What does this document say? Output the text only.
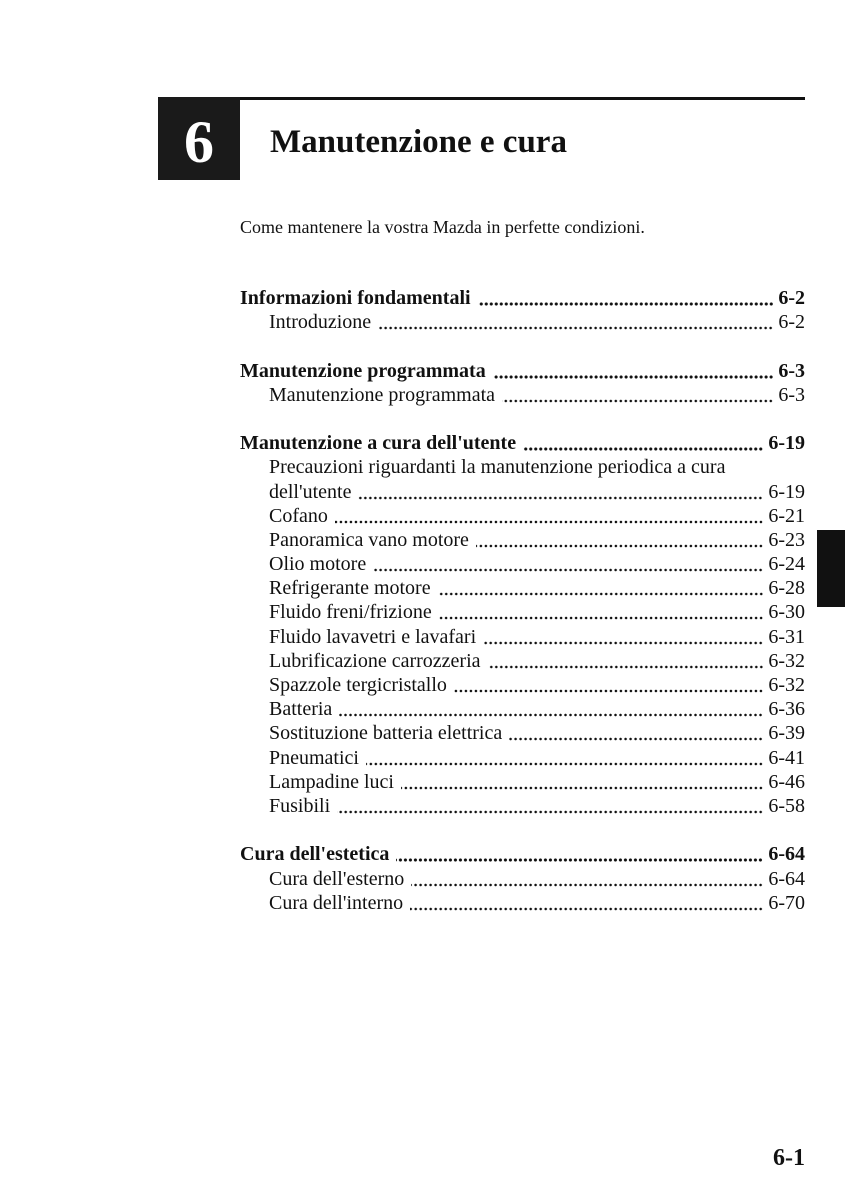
6 Manutenzione e cura
Come mantenere la vostra Mazda in perfette condizioni.
Informazioni fondamentali	6-2
Introduzione	6-2
Manutenzione programmata	6-3
Manutenzione programmata	6-3
Manutenzione a cura dell'utente	6-19
Precauzioni riguardanti la manutenzione periodica a cura
dell'utente	6-19
Cofano	6-21
Panoramica vano motore	6-23
Olio motore	6-24
Refrigerante motore	6-28
Fluido freni/frizione	6-30
Fluido lavavetri e lavafari	6-31
Lubrificazione carrozzeria	6-32
Spazzole tergicristallo	6-32
Batteria	6-36
Sostituzione batteria elettrica	6-39
Pneumatici	6-41
Lampadine luci	6-46
Fusibili	6-58
Cura dell'estetica	6-64
Cura dell'esterno	6-64
Cura dell'interno	6-70
6-1
